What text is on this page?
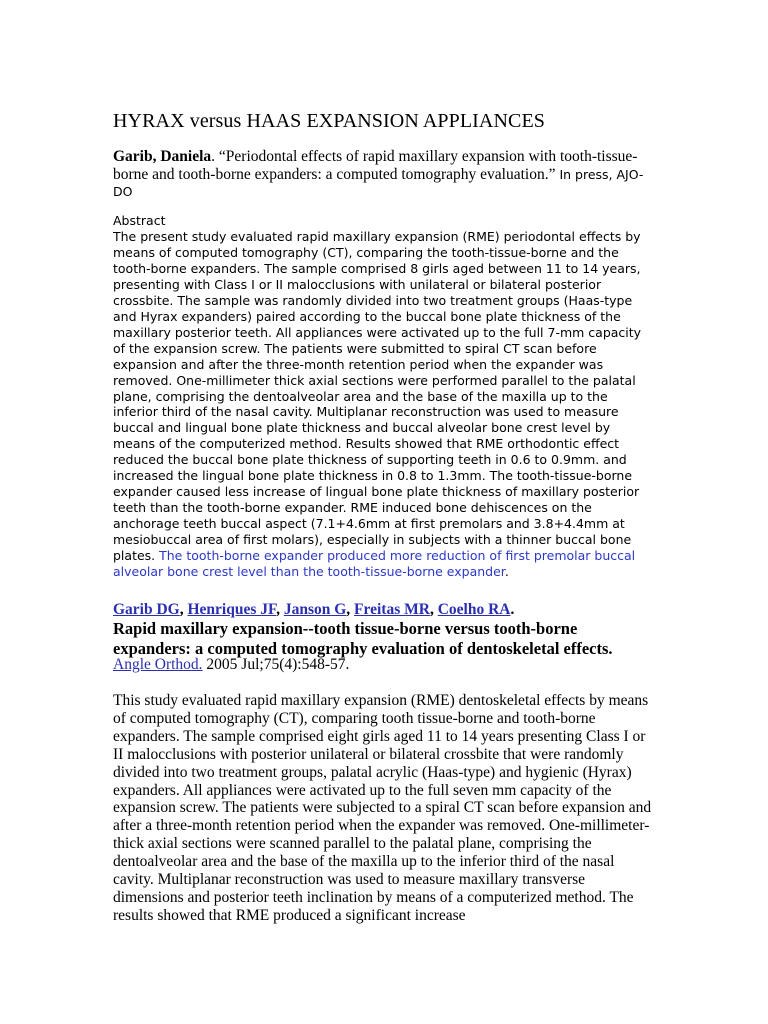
HYRAX versus HAAS EXPANSION APPLIANCES
Garib, Daniela. “Periodontal effects of rapid maxillary expansion with tooth-tissue-borne and tooth-borne expanders: a computed tomography evaluation.” In press, AJO-DO
Abstract
The present study evaluated rapid maxillary expansion (RME) periodontal effects by means of computed tomography (CT), comparing the tooth-tissue-borne and the tooth-borne expanders. The sample comprised 8 girls aged between 11 to 14 years, presenting with Class I or II malocclusions with unilateral or bilateral posterior crossbite. The sample was randomly divided into two treatment groups (Haas-type and Hyrax expanders) paired according to the buccal bone plate thickness of the maxillary posterior teeth. All appliances were activated up to the full 7-mm capacity of the expansion screw. The patients were submitted to spiral CT scan before expansion and after the three-month retention period when the expander was removed. One-millimeter thick axial sections were performed parallel to the palatal plane, comprising the dentoalveolar area and the base of the maxilla up to the inferior third of the nasal cavity. Multiplanar reconstruction was used to measure buccal and lingual bone plate thickness and buccal alveolar bone crest level by means of the computerized method. Results showed that RME orthodontic effect reduced the buccal bone plate thickness of supporting teeth in 0.6 to 0.9mm. and increased the lingual bone plate thickness in 0.8 to 1.3mm. The tooth-tissue-borne expander caused less increase of lingual bone plate thickness of maxillary posterior teeth than the tooth-borne expander. RME induced bone dehiscences on the anchorage teeth buccal aspect (7.1+4.6mm at first premolars and 3.8+4.4mm at mesiobuccal area of first molars), especially in subjects with a thinner buccal bone plates. The tooth-borne expander produced more reduction of first premolar buccal alveolar bone crest level than the tooth-tissue-borne expander.
Garib DG, Henriques JF, Janson G, Freitas MR, Coelho RA.
Rapid maxillary expansion--tooth tissue-borne versus tooth-borne expanders: a computed tomography evaluation of dentoskeletal effects.
Angle Orthod. 2005 Jul;75(4):548-57.
This study evaluated rapid maxillary expansion (RME) dentoskeletal effects by means of computed tomography (CT), comparing tooth tissue-borne and tooth-borne expanders. The sample comprised eight girls aged 11 to 14 years presenting Class I or II malocclusions with posterior unilateral or bilateral crossbite that were randomly divided into two treatment groups, palatal acrylic (Haas-type) and hygienic (Hyrax) expanders. All appliances were activated up to the full seven mm capacity of the expansion screw. The patients were subjected to a spiral CT scan before expansion and after a three-month retention period when the expander was removed. One-millimeter-thick axial sections were scanned parallel to the palatal plane, comprising the dentoalveolar area and the base of the maxilla up to the inferior third of the nasal cavity. Multiplanar reconstruction was used to measure maxillary transverse dimensions and posterior teeth inclination by means of a computerized method. The results showed that RME produced a significant increase
